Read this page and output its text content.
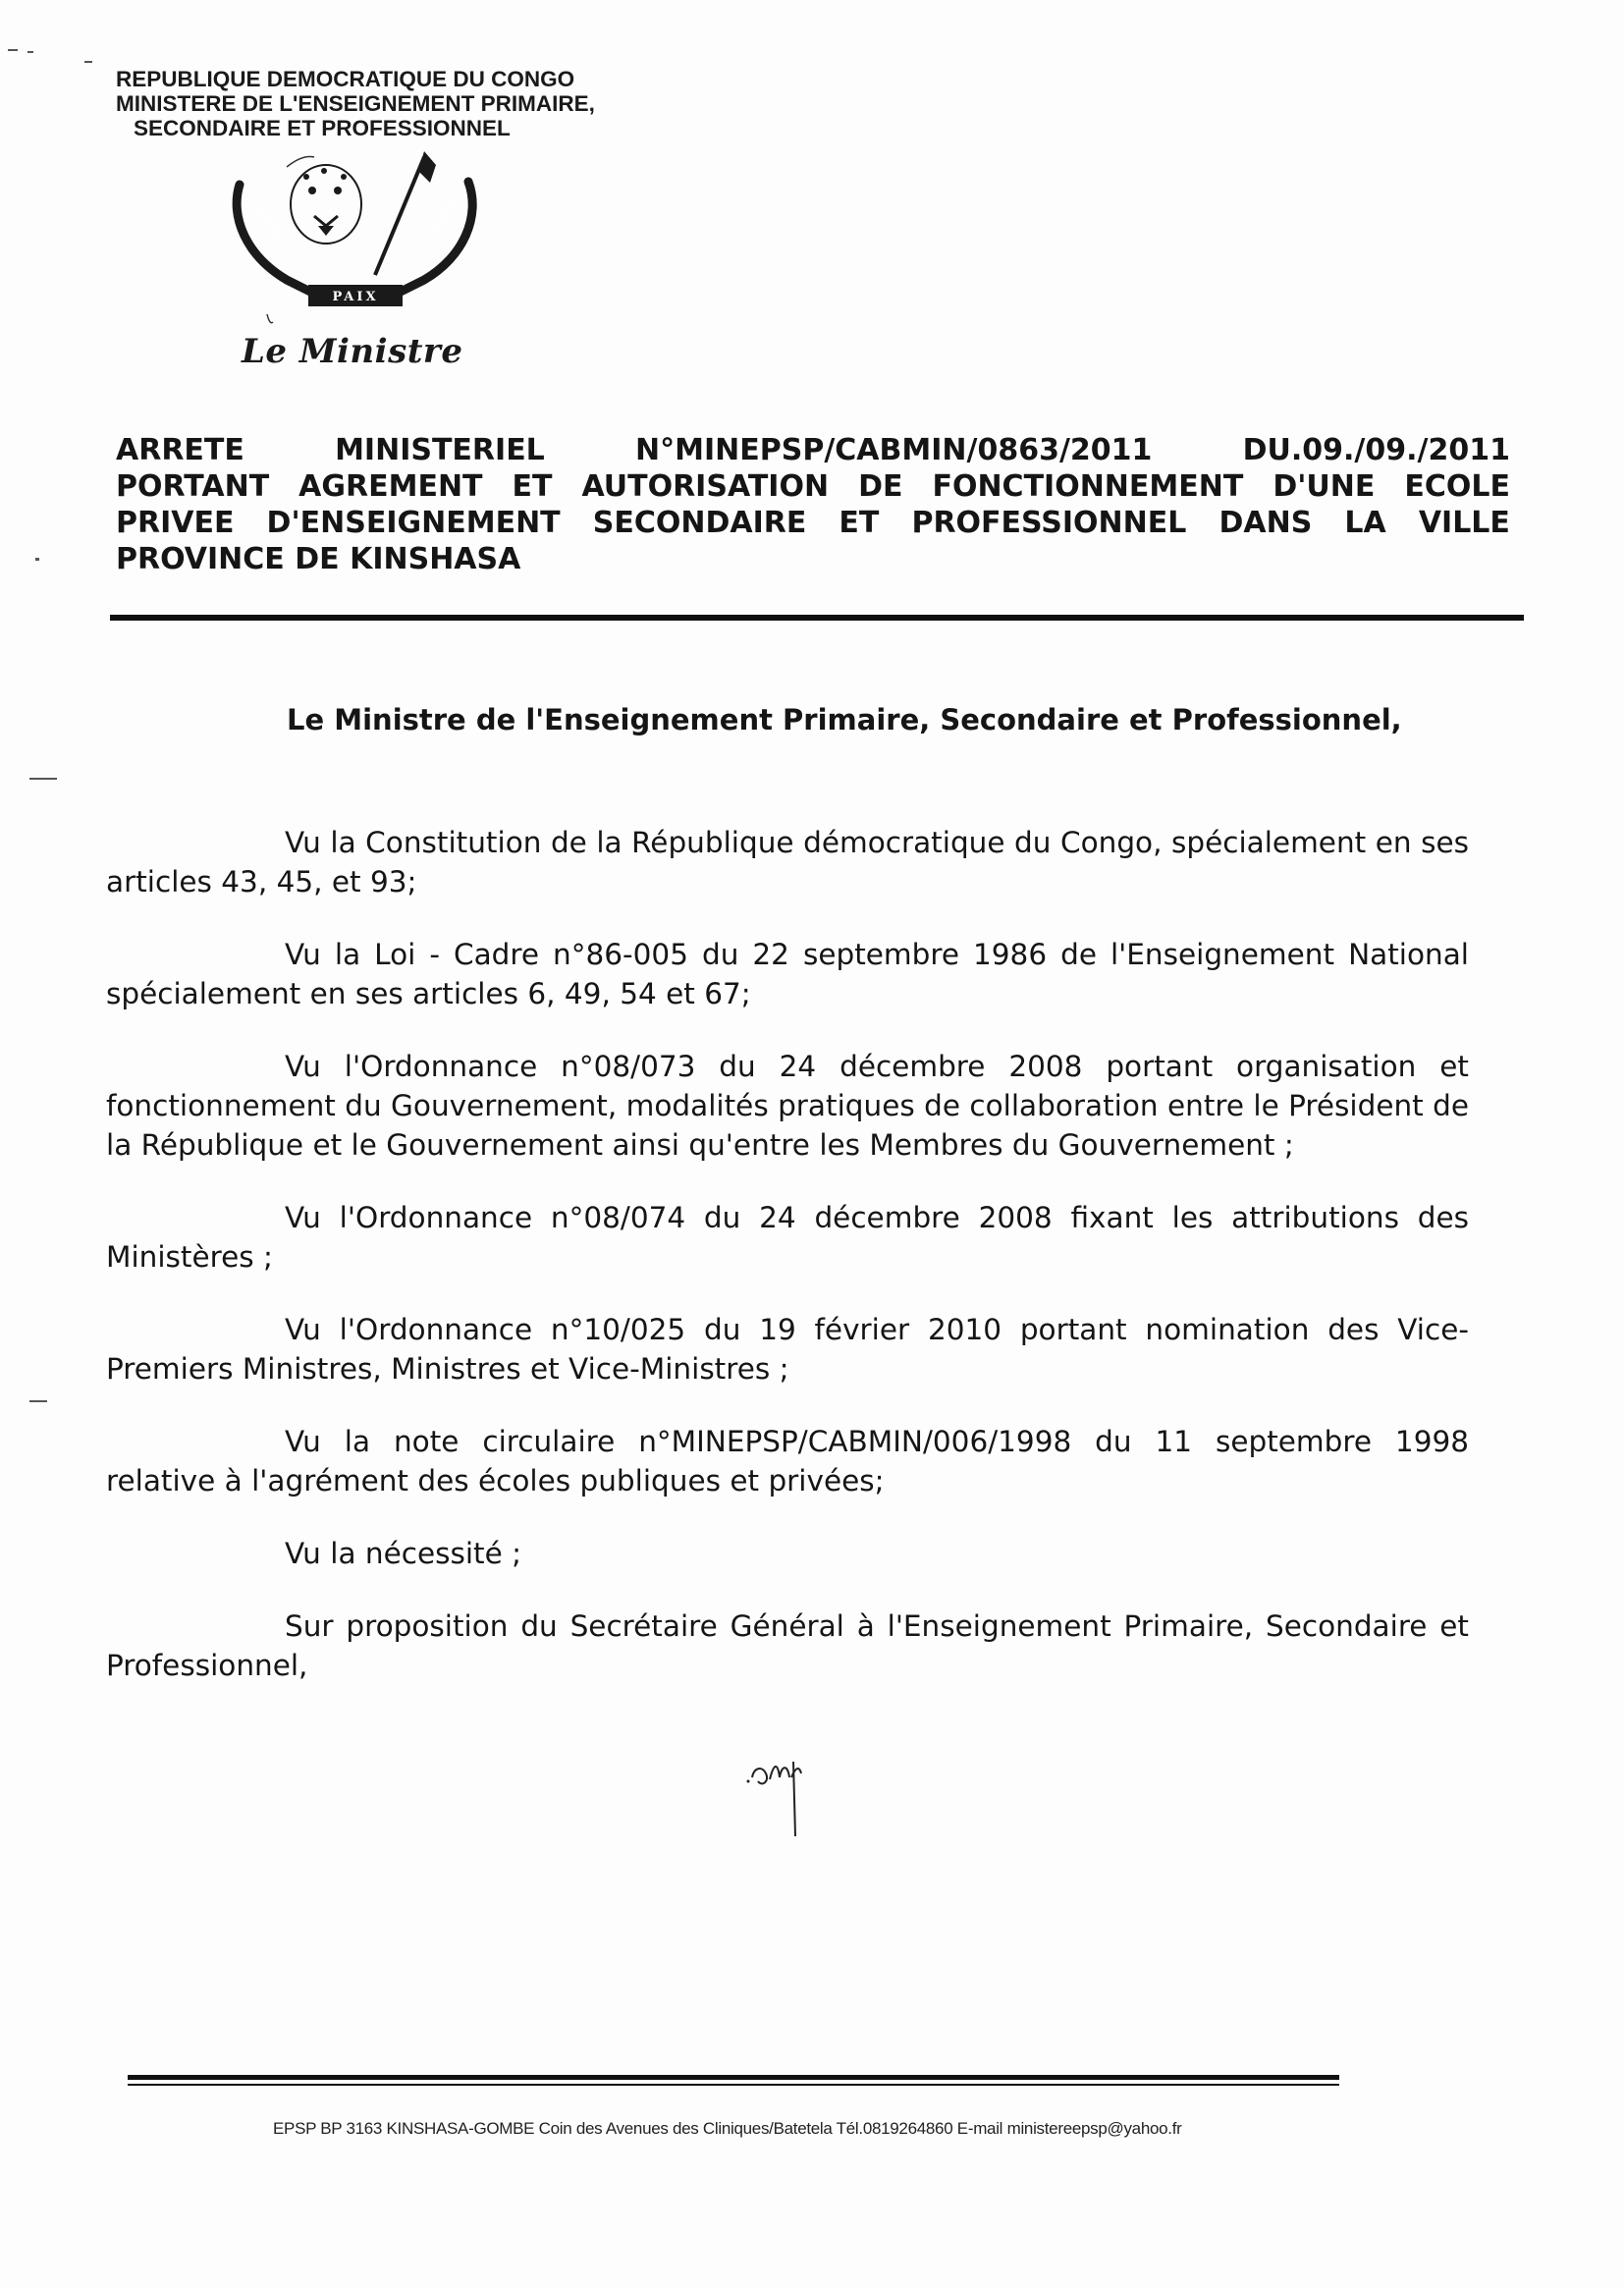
REPUBLIQUE DEMOCRATIQUE DU CONGO
MINISTERE DE L'ENSEIGNEMENT PRIMAIRE,
SECONDAIRE ET PROFESSIONNEL
PAIX
JUSTICE	TRAVAIL
Le Ministre
ARRETE	MINISTERIEL	N°MINEPSP/CABMIN/0863/2011	DU.09./09./2011
PORTANT AGREMENT ET AUTORISATION DE FONCTIONNEMENT D'UNE ECOLE
PRIVEE D'ENSEIGNEMENT SECONDAIRE ET PROFESSIONNEL DANS LA VILLE
PROVINCE DE KINSHASA
Le Ministre de l'Enseignement Primaire, Secondaire et Professionnel,

Vu la Constitution de la République démocratique du Congo, spécialement en ses articles 43, 45, et 93;

Vu la Loi - Cadre n°86-005 du 22 septembre 1986 de l'Enseignement National spécialement en ses articles 6, 49, 54 et 67;

Vu l'Ordonnance n°08/073 du 24 décembre 2008 portant organisation et fonctionnement du Gouvernement, modalités pratiques de collaboration entre le Président de la République et le Gouvernement ainsi qu'entre les Membres du Gouvernement ;

Vu l'Ordonnance n°08/074 du 24 décembre 2008 fixant les attributions des Ministères ;

Vu l'Ordonnance n°10/025 du 19 février 2010 portant nomination des Vice-Premiers Ministres, Ministres et Vice-Ministres ;

Vu la note circulaire n°MINEPSP/CABMIN/006/1998 du 11 septembre 1998 relative à l'agrément des écoles publiques et privées;

Vu la nécessité ;

Sur proposition du Secrétaire Général à l'Enseignement Primaire, Secondaire et Professionnel,

EPSP BP 3163 KINSHASA-GOMBE Coin des Avenues des Cliniques/Batetela Tél.0819264860 E-mail ministereepsp@yahoo.fr
